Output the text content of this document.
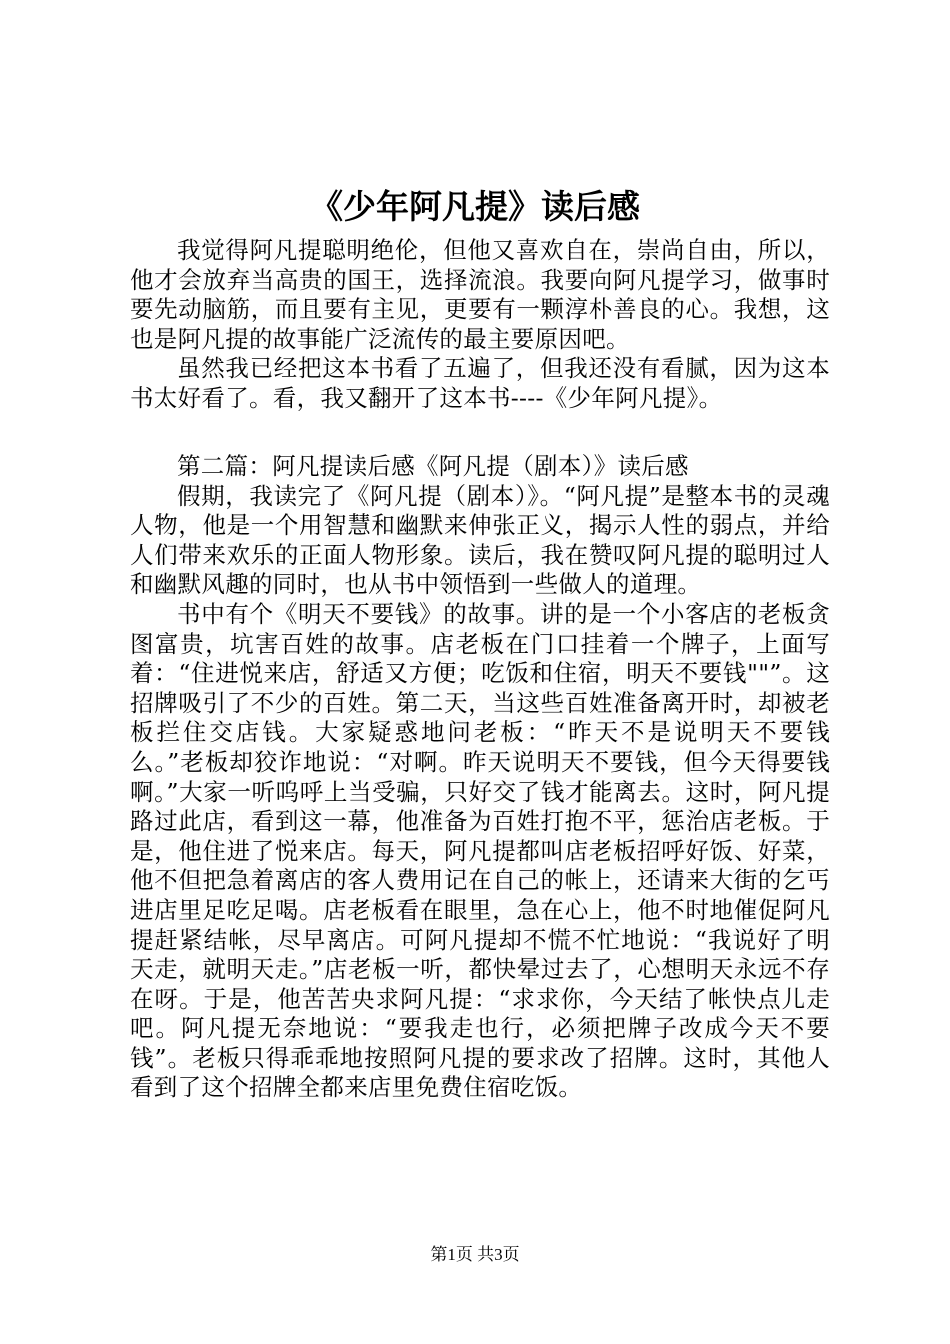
《少年阿凡提》读后感

我觉得阿凡提聪明绝伦，但他又喜欢自在，崇尚自由，所以，他才会放弃当高贵的国王，选择流浪。我要向阿凡提学习，做事时要先动脑筋，而且要有主见，更要有一颗淳朴善良的心。我想，这也是阿凡提的故事能广泛流传的最主要原因吧。

虽然我已经把这本书看了五遍了，但我还没有看腻，因为这本书太好看了。看，我又翻开了这本书----《少年阿凡提》。

第二篇：阿凡提读后感《阿凡提（剧本）》读后感

假期，我读完了《阿凡提（剧本）》。“阿凡提”是整本书的灵魂人物，他是一个用智慧和幽默来伸张正义，揭示人性的弱点，并给人们带来欢乐的正面人物形象。读后，我在赞叹阿凡提的聪明过人和幽默风趣的同时，也从书中领悟到一些做人的道理。

书中有个《明天不要钱》的故事。讲的是一个小客店的老板贪图富贵，坑害百姓的故事。店老板在门口挂着一个牌子，上面写着：“住进悦来店，舒适又方便；吃饭和住宿，明天不要钱""”。这招牌吸引了不少的百姓。第二天，当这些百姓准备离开时，却被老板拦住交店钱。大家疑惑地问老板：“昨天不是说明天不要钱么。”老板却狡诈地说：“对啊。昨天说明天不要钱，但今天得要钱啊。”大家一听呜呼上当受骗，只好交了钱才能离去。这时，阿凡提路过此店，看到这一幕，他准备为百姓打抱不平，惩治店老板。于是，他住进了悦来店。每天，阿凡提都叫店老板招呼好饭、好菜，他不但把急着离店的客人费用记在自己的帐上，还请来大街的乞丐进店里足吃足喝。店老板看在眼里，急在心上，他不时地催促阿凡提赶紧结帐，尽早离店。可阿凡提却不慌不忙地说：“我说好了明天走，就明天走。”店老板一听，都快晕过去了，心想明天永远不存在呀。于是，他苦苦央求阿凡提：“求求你，今天结了帐快点儿走吧。阿凡提无奈地说：“要我走也行，必须把牌子改成今天不要钱”。老板只得乖乖地按照阿凡提的要求改了招牌。这时，其他人看到了这个招牌全都来店里免费住宿吃饭。

第1页 共3页
